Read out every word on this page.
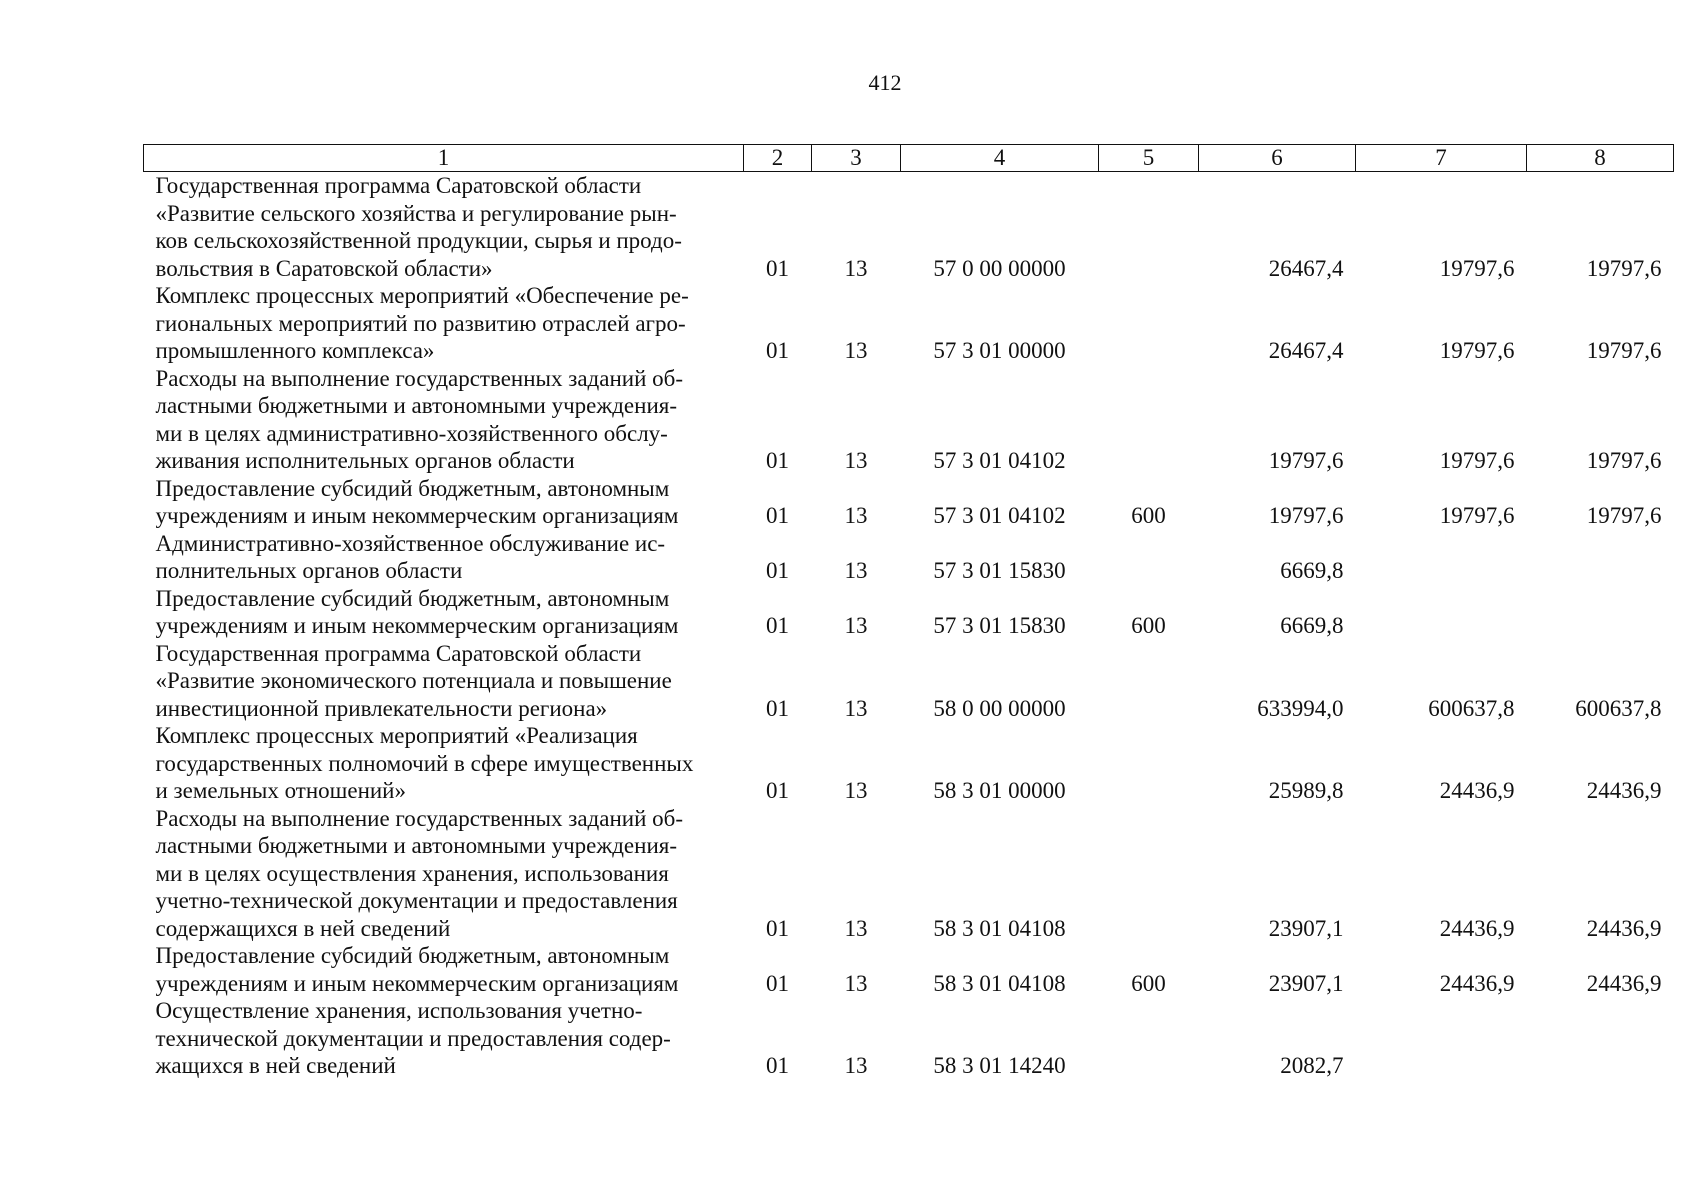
412
1	2	3	4	5	6	7	8

Государственная программа Саратовской области
«Развитие сельского хозяйства и регулирование рын-
ков сельскохозяйственной продукции, сырья и продо-
вольствия в Саратовской области»	01	13	57 0 00 00000		26467,4	19797,6	19797,6

Комплекс процессных мероприятий «Обеспечение ре-
гиональных мероприятий по развитию отраслей агро-
промышленного комплекса»	01	13	57 3 01 00000		26467,4	19797,6	19797,6

Расходы на выполнение государственных заданий об-
ластными бюджетными и автономными учреждения-
ми в целях административно-хозяйственного обслу-
живания исполнительных органов области	01	13	57 3 01 04102		19797,6	19797,6	19797,6

Предоставление субсидий бюджетным, автономным
учреждениям и иным некоммерческим организациям	01	13	57 3 01 04102	600	19797,6	19797,6	19797,6

Административно-хозяйственное обслуживание ис-
полнительных органов области	01	13	57 3 01 15830		6669,8		

Предоставление субсидий бюджетным, автономным
учреждениям и иным некоммерческим организациям	01	13	57 3 01 15830	600	6669,8		

Государственная программа Саратовской области
«Развитие экономического потенциала и повышение
инвестиционной привлекательности региона»	01	13	58 0 00 00000		633994,0	600637,8	600637,8

Комплекс процессных мероприятий «Реализация
государственных полномочий в сфере имущественных
и земельных отношений»	01	13	58 3 01 00000		25989,8	24436,9	24436,9

Расходы на выполнение государственных заданий об-
ластными бюджетными и автономными учреждения-
ми в целях осуществления хранения, использования
учетно-технической документации и предоставления
содержащихся в ней сведений	01	13	58 3 01 04108		23907,1	24436,9	24436,9

Предоставление субсидий бюджетным, автономным
учреждениям и иным некоммерческим организациям	01	13	58 3 01 04108	600	23907,1	24436,9	24436,9

Осуществление хранения, использования учетно-
технической документации и предоставления содер-
жащихся в ней сведений	01	13	58 3 01 14240		2082,7		
